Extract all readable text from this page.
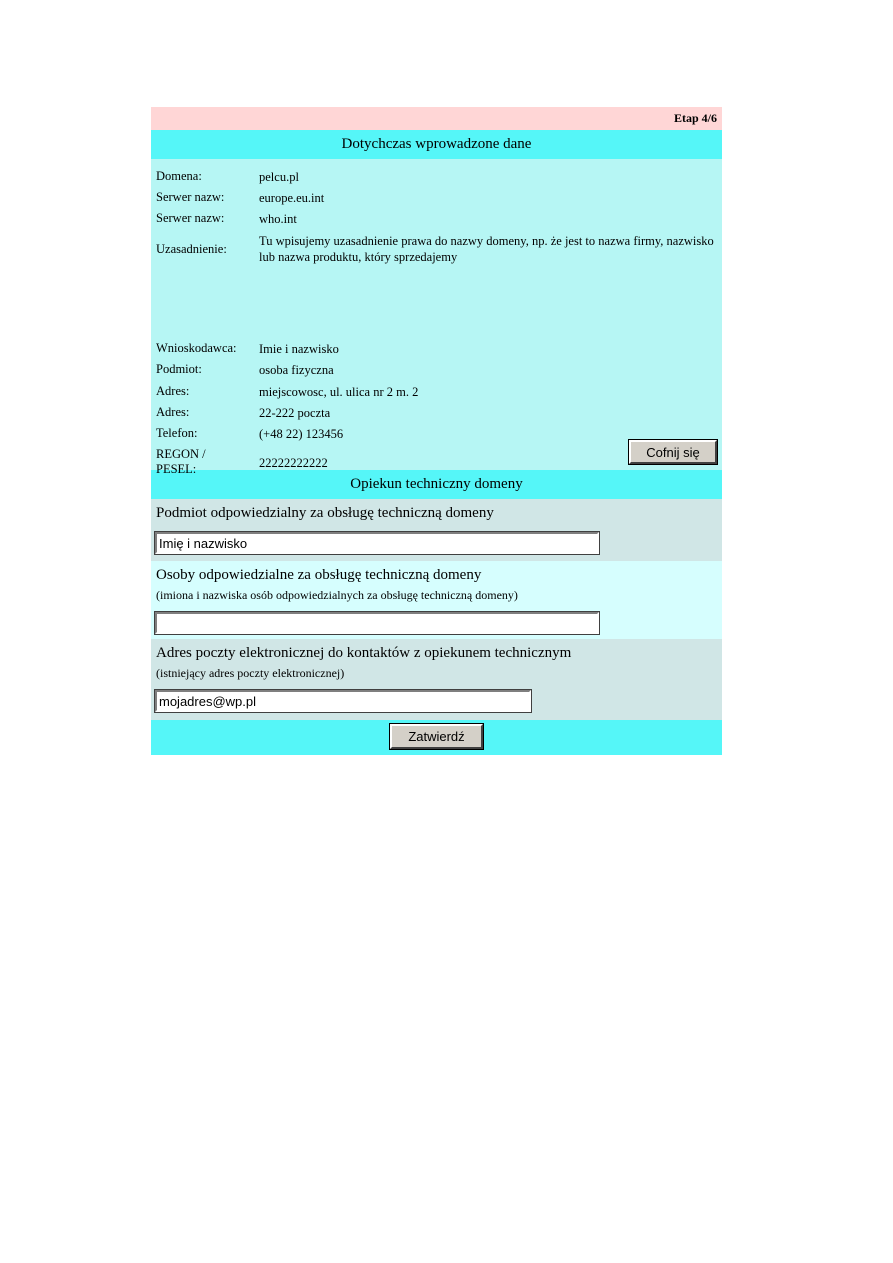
Etap 4/6
Dotychczas wprowadzone dane
Domena:	pelcu.pl
Serwer nazw:	europe.eu.int
Serwer nazw:	who.int
Uzasadnienie:
Tu wpisujemy uzasadnienie prawa do nazwy domeny, np. że jest to nazwa firmy, nazwisko lub nazwa produktu, który sprzedajemy
Wnioskodawca:	Imie i nazwisko
Podmiot:	osoba fizyczna
Adres:	miejscowosc, ul. ulica nr 2 m. 2
Adres:	22-222 poczta
Telefon:	(+48 22) 123456
REGON / PESEL:	22222222222
Cofnij się
Opiekun techniczny domeny
Podmiot odpowiedzialny za obsługę techniczną domeny
Imię i nazwisko
Osoby odpowiedzialne za obsługę techniczną domeny
(imiona i nazwiska osób odpowiedzialnych za obsługę techniczną domeny)
Adres poczty elektronicznej do kontaktów z opiekunem technicznym
(istniejący adres poczty elektronicznej)
mojadres@wp.pl
Zatwierdź
